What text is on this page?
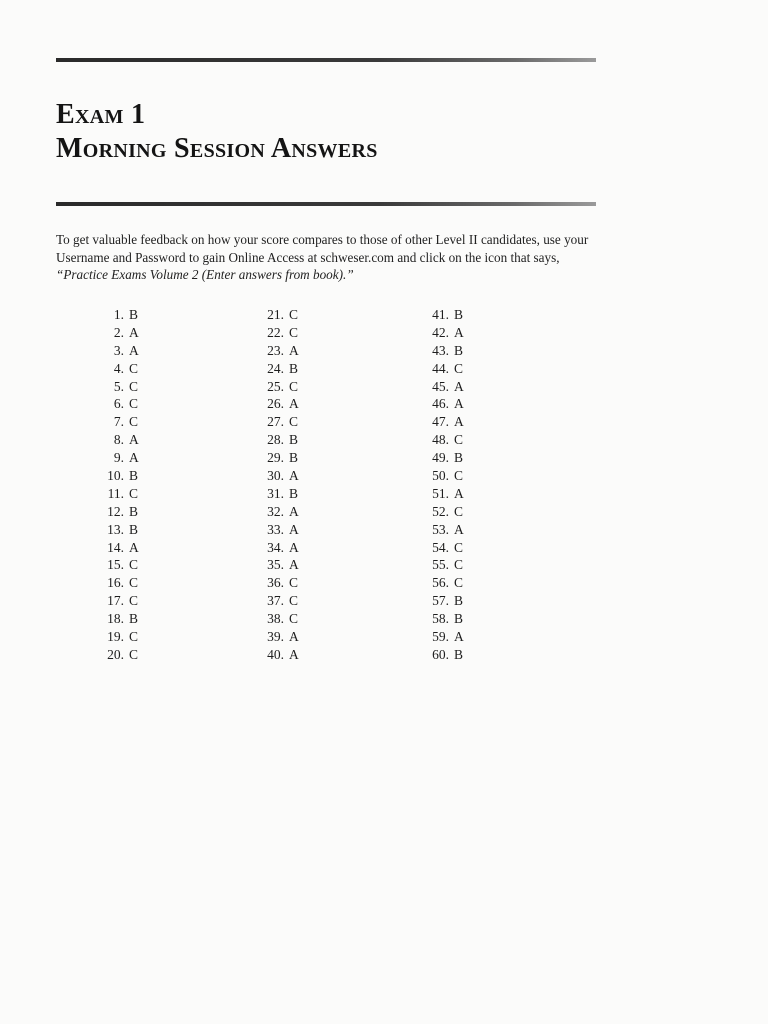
Exam 1
Morning Session Answers

To get valuable feedback on how your score compares to those of other Level II candidates, use your Username and Password to gain Online Access at schweser.com and click on the icon that says, “Practice Exams Volume 2 (Enter answers from book).”

1. B
2. A
3. A
4. C
5. C
6. C
7. C
8. A
9. A
10. B
11. C
12. B
13. B
14. A
15. C
16. C
17. C
18. B
19. C
20. C
21. C
22. C
23. A
24. B
25. C
26. A
27. C
28. B
29. B
30. A
31. B
32. A
33. A
34. A
35. A
36. C
37. C
38. C
39. A
40. A
41. B
42. A
43. B
44. C
45. A
46. A
47. A
48. C
49. B
50. C
51. A
52. C
53. A
54. C
55. C
56. C
57. B
58. B
59. A
60. B
